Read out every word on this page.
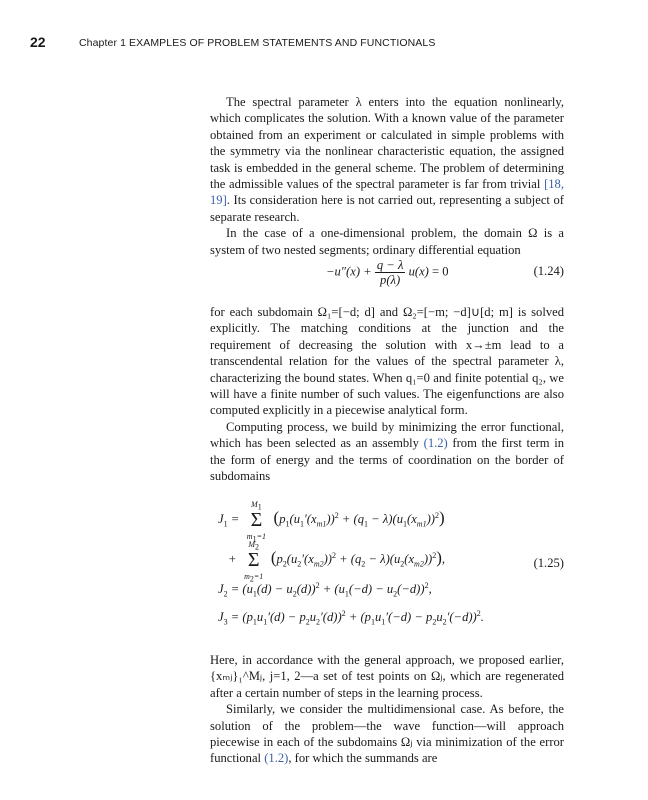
22	Chapter 1 EXAMPLES OF PROBLEM STATEMENTS AND FUNCTIONALS

The spectral parameter λ enters into the equation nonlinearly, which complicates the solution. With a known value of the parameter obtained from an experiment or calculated in simple problems with the symmetry via the nonlinear characteristic equation, the assigned task is embedded in the general scheme. The problem of determining the admissible values of the spectral parameter is far from trivial [18, 19]. Its consideration here is not carried out, representing a subject of separate research.

In the case of a one-dimensional problem, the domain Ω is a system of two nested segments; ordinary differential equation

$-u''(x) + \frac{q - \lambda}{p(\lambda)} u(x) = 0$	(1.24)

for each subdomain Ω₁=[−d; d] and Ω₂=[−m; −d]∪[d; m] is solved explicitly. The matching conditions at the junction and the requirement of decreasing the solution with x→±m lead to a transcendental relation for the values of the spectral parameter λ, characterizing the bound states. When q₁=0 and finite potential q₂, we will have a finite number of such values. The eigenfunctions are also computed explicitly in a piecewise analytical form.

Computing process, we build by minimizing the error functional, which has been selected as an assembly (1.2) from the first term in the form of energy and the terms of coordination on the border of subdomains

$J_1$ =
$M_1$
Σ
$m_1=1$
$(p_1(u_1'(x_{m1}))^2 + (q_1 - \lambda)(u_1(x_{m1}))^2)$
+
$M_2$
Σ
$m_2=1$
$(p_2(u_2'(x_{m2}))^2 + (q_2 - \lambda)(u_2(x_{m2}))^2)$,	(1.25)
$J_2 = (u_1(d) - u_2(d))^2 + (u_1(-d) - u_2(-d))^2$,
$J_3 = (p_1u_1'(d) - p_2u_2'(d))^2 + (p_1u_1'(-d) - p_2u_2'(-d))^2$.

Here, in accordance with the general approach, we proposed earlier, {xₘⱼ}₁^Mⱼ, j=1, 2—a set of test points on Ωⱼ, which are regenerated after a certain number of steps in the learning process.

Similarly, we consider the multidimensional case. As before, the solution of the problem—the wave function—will approach piecewise in each of the subdomains Ωⱼ via minimization of the error functional (1.2), for which the summands are
